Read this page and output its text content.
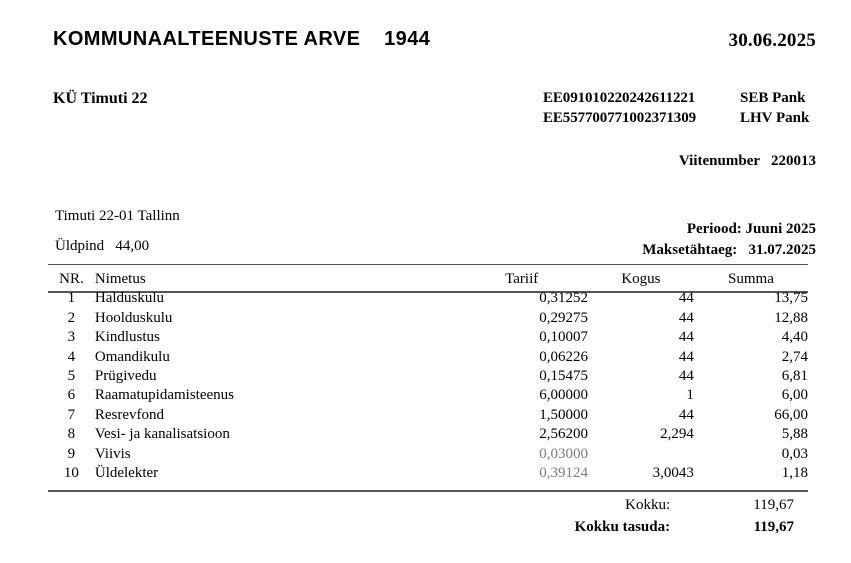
KOMMUNAALTEENUSTE ARVE 1944	30.06.2025
KÜ Timuti 22	EE091010220242611221	SEB Pank
EE557700771002371309	LHV Pank
Viitenumber   220013
Timuti 22-01 Tallinn
Üldpind   44,00
Periood: Juuni 2025
Maksetähtaeg:   31.07.2025
NR.	Nimetus	Tariif	Kogus	Summa
1	Halduskulu	0,31252	44	13,75
2	Hoolduskulu	0,29275	44	12,88
3	Kindlustus	0,10007	44	4,40
4	Omandikulu	0,06226	44	2,74
5	Prügivedu	0,15475	44	6,81
6	Raamatupidamisteenus	6,00000	1	6,00
7	Resrevfond	1,50000	44	66,00
8	Vesi- ja kanalisatsioon	2,56200	2,294	5,88
9	Viivis	0,03000		0,03
10	Üldelekter	0,39124	3,0043	1,18
Kokku:	119,67
Kokku tasuda:	119,67
